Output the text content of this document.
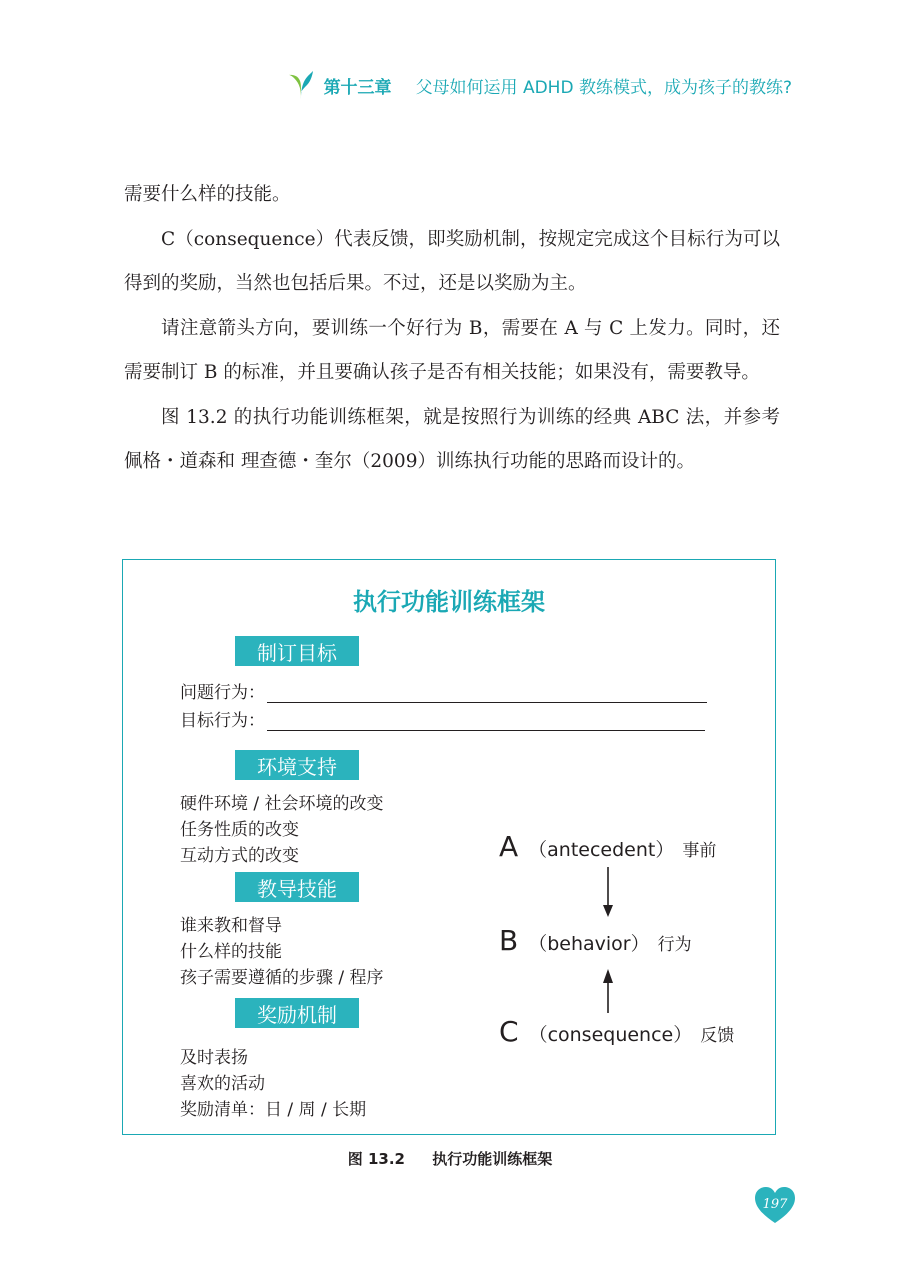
第十三章 父母如何运用 ADHD 教练模式，成为孩子的教练?

需要什么样的技能。

C（consequence）代表反馈，即奖励机制，按规定完成这个目标行为可以得到的奖励，当然也包括后果。不过，还是以奖励为主。

请注意箭头方向，要训练一个好行为 B，需要在 A 与 C 上发力。同时，还需要制订 B 的标准，并且要确认孩子是否有相关技能；如果没有，需要教导。

图 13.2 的执行功能训练框架，就是按照行为训练的经典 ABC 法，并参考佩格・道森和 理查德・奎尔（2009）训练执行功能的思路而设计的。

执行功能训练框架
制订目标
问题行为：
目标行为：
环境支持
硬件环境 / 社会环境的改变
任务性质的改变
互动方式的改变
教导技能
谁来教和督导
什么样的技能
孩子需要遵循的步骤 / 程序
奖励机制
及时表扬
喜欢的活动
奖励清单：日 / 周 / 长期
A （antecedent） 事前
B （behavior） 行为
C （consequence） 反馈
图 13.2 执行功能训练框架
197
